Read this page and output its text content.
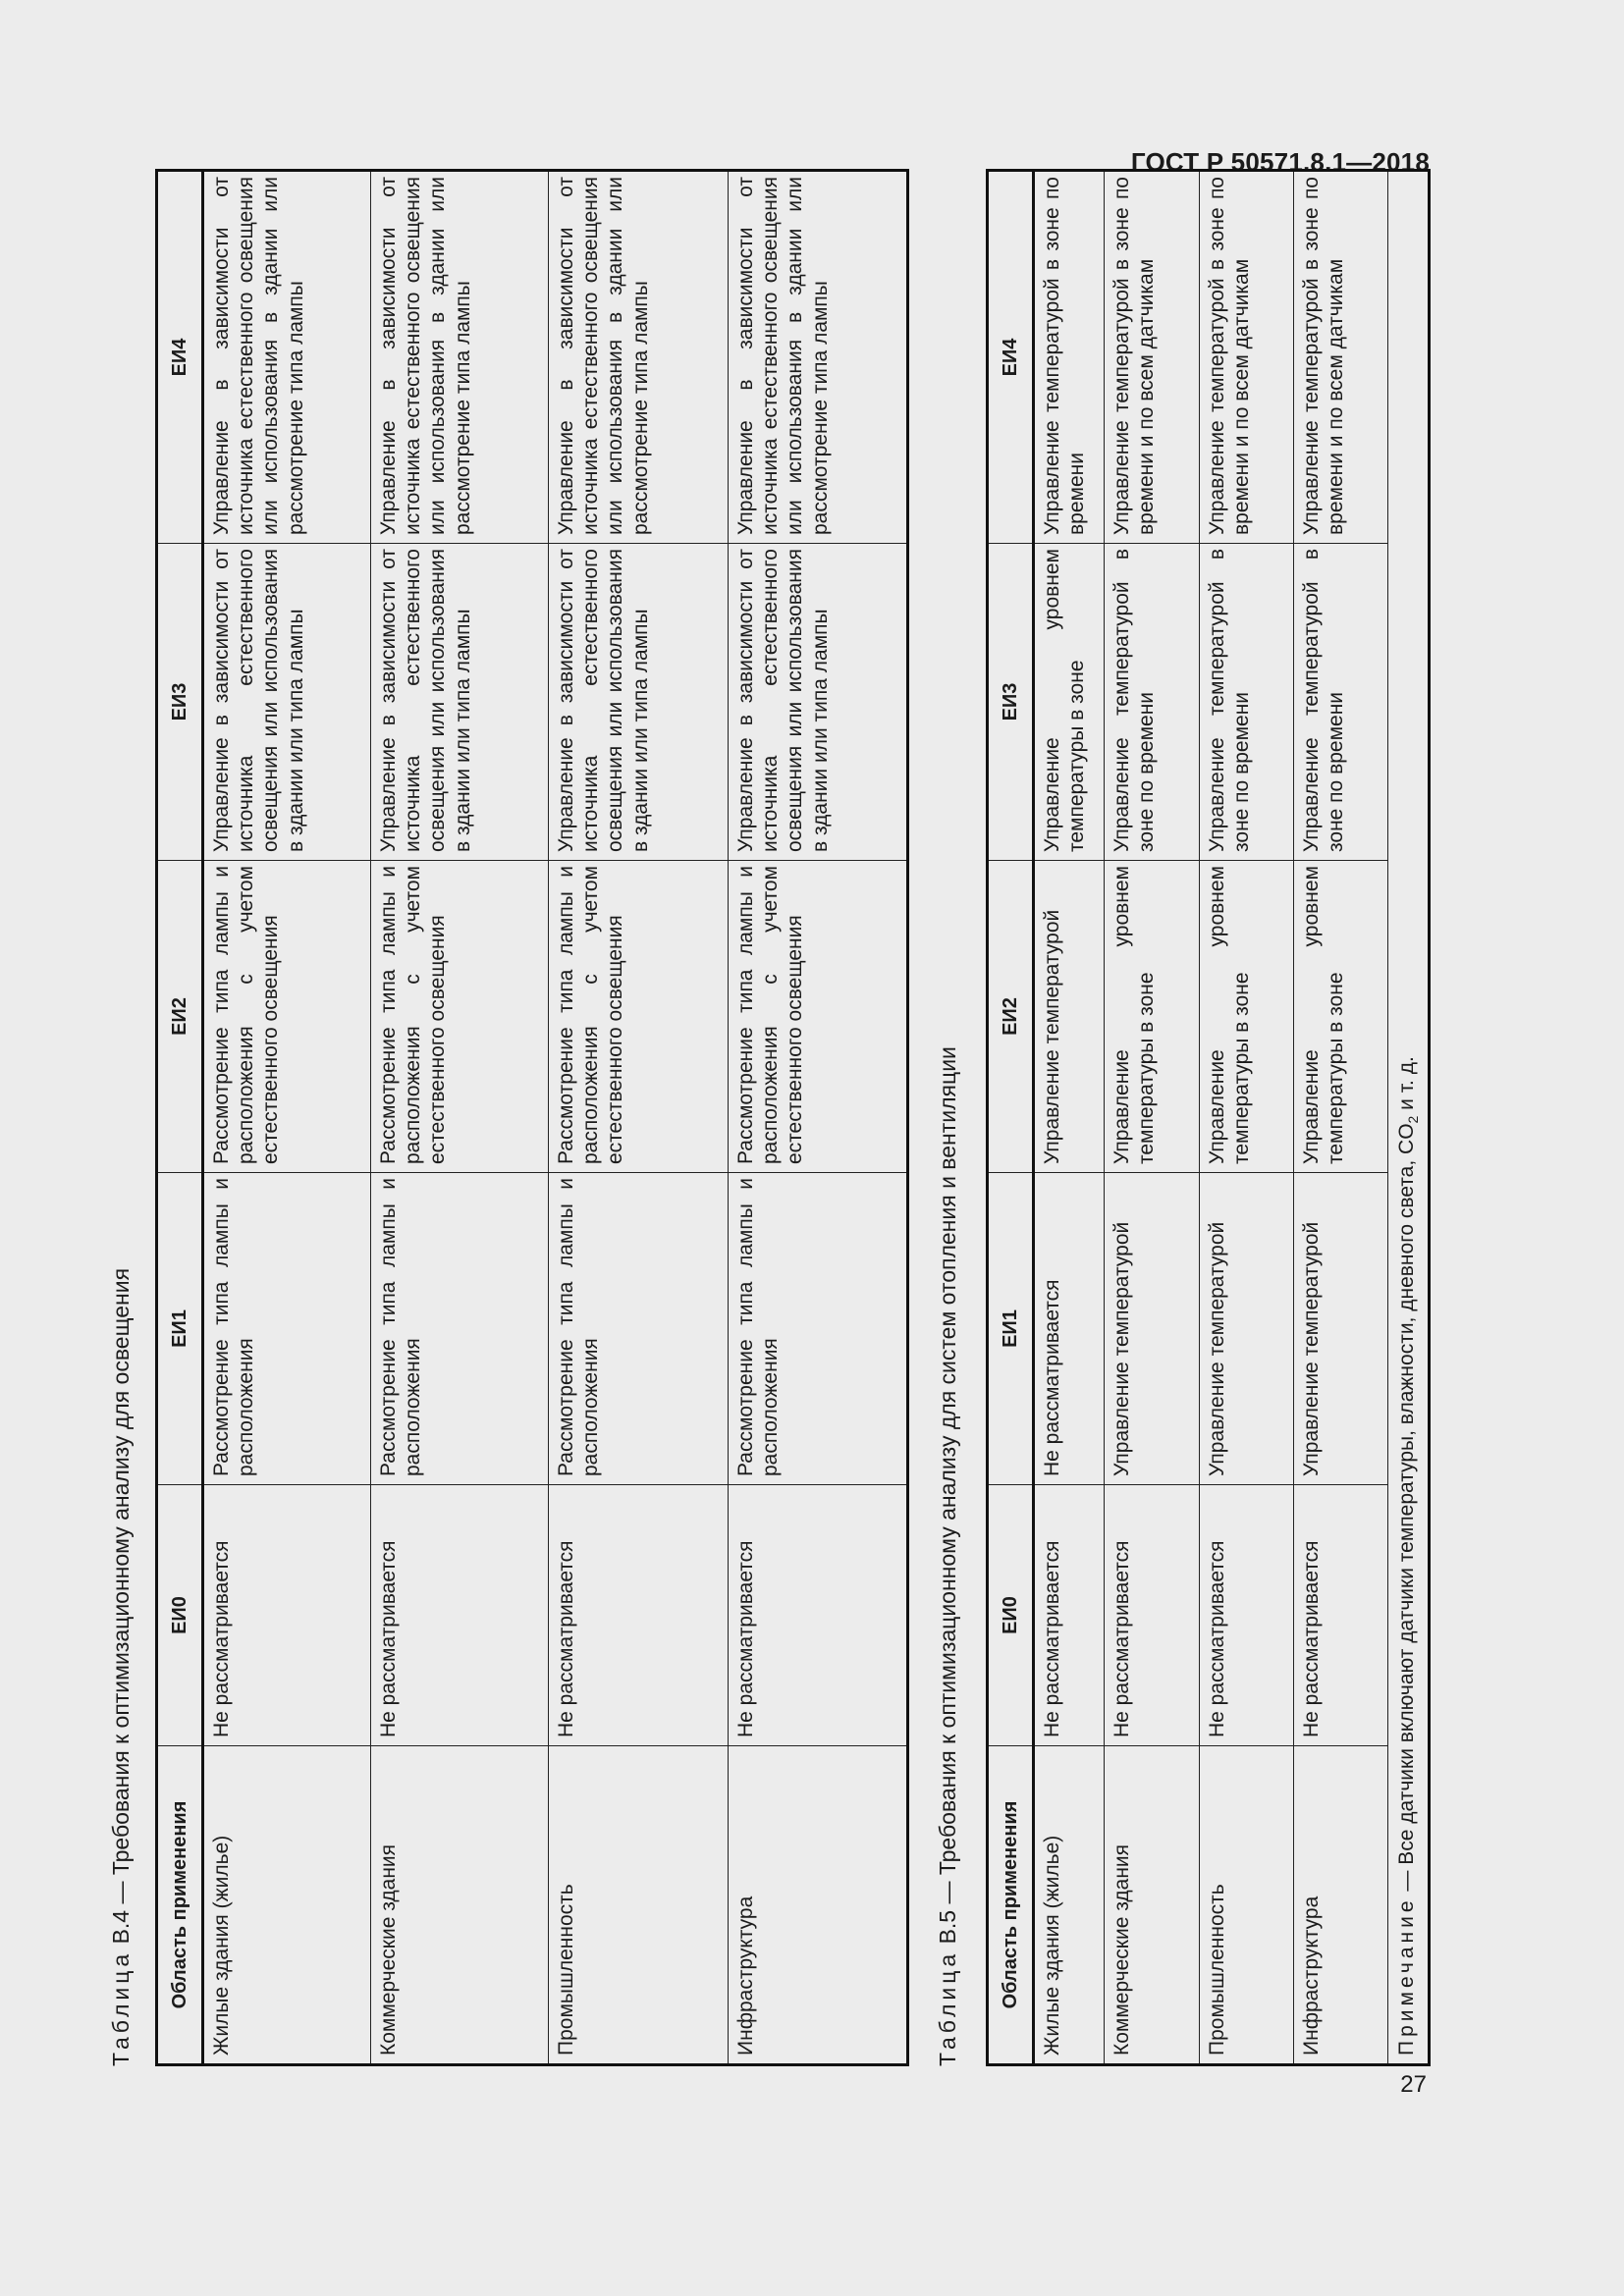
ГОСТ Р 50571.8.1—2018
27
Таблица В.4 — Требования к оптимизационному анализу для освещения Область применения	ЕИ0	ЕИ1	ЕИ2	ЕИ3	ЕИ4
Жилые здания (жилье)	Не рассматривается	Рассмотрение типа лампы и расположения	Рассмотрение типа лампы и расположения с учетом естественного освещения	Управление в зависимости от источника естественного освещения или использования в здании или типа лампы	Управление в зависимости от источника естественного освещения или использования в здании или рассмотрение типа лампы
Коммерческие здания	Не рассматривается	Рассмотрение типа лампы и расположения	Рассмотрение типа лампы и расположения с учетом естественного освещения	Управление в зависимости от источника естественного освещения или использования в здании или типа лампы	Управление в зависимости от источника естественного освещения или использования в здании или рассмотрение типа лампы
Промышленность	Не рассматривается	Рассмотрение типа лампы и расположения	Рассмотрение типа лампы и расположения с учетом естественного освещения	Управление в зависимости от источника естественного освещения или использования в здании или типа лампы	Управление в зависимости от источника естественного освещения или использования в здании или рассмотрение типа лампы
Инфраструктура	Не рассматривается	Рассмотрение типа лампы и расположения	Рассмотрение типа лампы и расположения с учетом естественного освещения	Управление в зависимости от источника естественного освещения или использования в здании или типа лампы	Управление в зависимости от источника естественного освещения или использования в здании или рассмотрение типа лампы
Таблица В.5 — Требования к оптимизационному анализу для систем отопления и вентиляции Область применения	ЕИ0	ЕИ1	ЕИ2	ЕИ3	ЕИ4
Жилые здания (жилье)	Не рассматривается	Не рассматривается	Управление температурой	Управление уровнем температуры в зоне	Управление температурой в зоне по времени
Коммерческие здания	Не рассматривается	Управление температурой	Управление уровнем температуры в зоне	Управление температурой в зоне по времени	Управление температурой в зоне по времени и по всем датчикам
Промышленность	Не рассматривается	Управление температурой	Управление уровнем температуры в зоне	Управление температурой в зоне по времени	Управление температурой в зоне по времени и по всем датчикам
Инфраструктура	Не рассматривается	Управление температурой	Управление уровнем температуры в зоне	Управление температурой в зоне по времени	Управление температурой в зоне по времени и по всем датчикам
Примечание — Все датчики включают датчики температуры, влажности, дневного света, $CO_2$ и т. д.					
